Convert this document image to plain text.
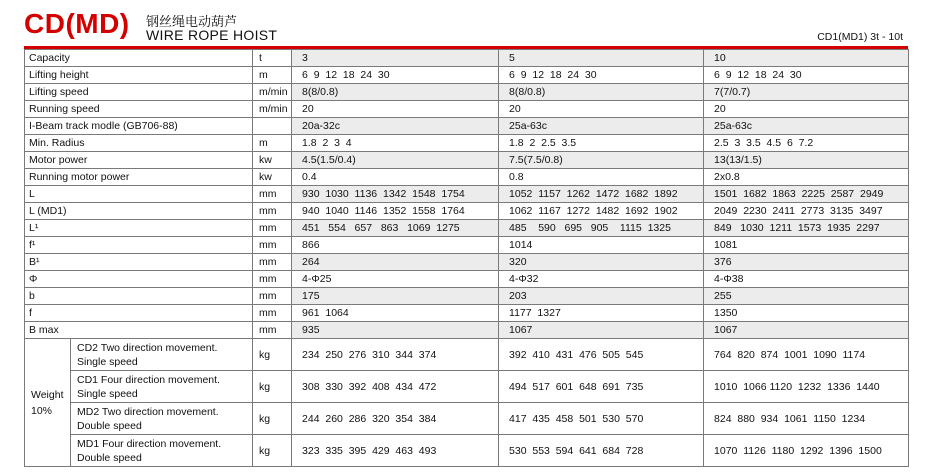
CD(MD) 钢丝绳电动葫芦
WIRE ROPE HOIST	CD1(MD1) 3t - 10t
Capacity		t	3	5	10
Lifting height		m	6  9  12  18  24  30	6  9  12  18  24  30	6  9  12  18  24  30
Lifting speed		m/min	8(8/0.8)	8(8/0.8)	7(7/0.7)
Running speed		m/min	20	20	20
I-Beam track modle (GB706-88)			20a-32c	25a-63c	25a-63c
Min. Radius		m	1.8  2  3  4	1.8  2  2.5  3.5	2.5  3  3.5  4.5  6  7.2
Motor power		kw	4.5(1.5/0.4)	7.5(7.5/0.8)	13(13/1.5)
Running motor power		kw	0.4	0.8	2x0.8
L		mm	930  1030  1136  1342  1548  1754	1052  1157  1262  1472  1682  1892	1501  1682  1863  2225  2587  2949
L (MD1)		mm	940  1040  1146  1352  1558  1764	1062  1167  1272  1482  1692  1902	2049  2230  2411  2773  3135  3497
L¹		mm	451   554   657   863   1069  1275	485    590   695   905    1115  1325	849   1030  1211  1573  1935  2297
f¹		mm	866	1014	1081
B¹		mm	264	320	376
Φ		mm	4-Φ25	4-Φ32	4-Φ38
b		mm	175	203	255
f		mm	961  1064	1177  1327	1350
B max		mm	935	1067	1067

Weight
10%	CD2 Two direction movement. Single speed	kg	234  250  276  310  344  374	392  410  431  476  505  545	764  820  874  1001  1090  1174
	CD1 Four direction movement. Single speed	kg	308  330  392  408  434  472	494  517  601  648  691  735	1010  1066 1120  1232  1336  1440
	MD2 Two direction movement. Double speed	kg	244  260  286  320  354  384	417  435  458  501  530  570	824  880  934  1061  1150  1234
	MD1 Four direction movement. Double speed	kg	323  335  395  429  463  493	530  553  594  641  684  728	1070  1126  1180  1292  1396  1500
